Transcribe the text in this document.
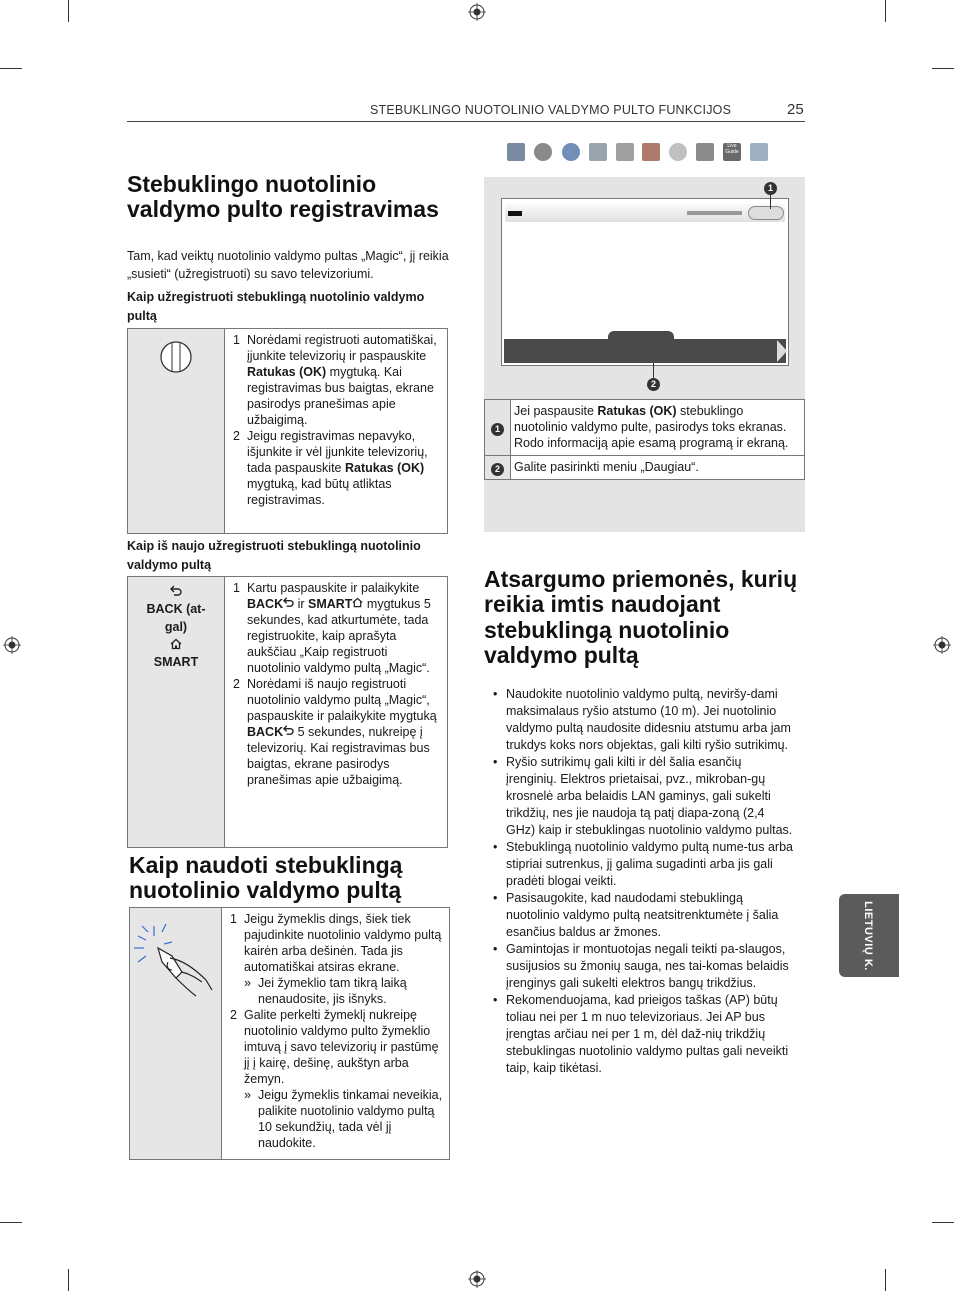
STEBUKLINGO NUOTOLINIO VALDYMO PULTO FUNKCIJOS	25
LIETUVIŲ K.
Stebuklingo nuotolinio valdymo pulto registravimas

Tam, kad veiktų nuotolinio valdymo pultas „Magic“, jį reikia „susieti“ (užregistruoti) su savo televizoriumi.

Kaip užregistruoti stebuklingą nuotolinio valdymo pultą

1 Norėdami registruoti automatiškai, įjunkite televizorių ir paspauskite Ratukas (OK) mygtuką. Kai registravimas bus baigtas, ekrane pasirodys pranešimas apie užbaigimą.
2 Jeigu registravimas nepavyko, išjunkite ir vėl įjunkite televizorių, tada paspauskite Ratukas (OK) mygtuką, kad būtų atliktas registravimas.

Kaip iš naujo užregistruoti stebuklingą nuotolinio valdymo pultą

BACK (at-gal)
SMART

1 Kartu paspauskite ir palaikykite BACK ir SMART mygtukus 5 sekundes, kad atkurtumėte, tada registruokite, kaip aprašyta aukščiau „Kaip registruoti nuotolinio valdymo pultą „Magic“.
2 Norėdami iš naujo registruoti nuotolinio valdymo pultą „Magic“, paspauskite ir palaikykite mygtuką BACK 5 sekundes, nukreipę į televizorių. Kai registravimas bus baigtas, ekrane pasirodys pranešimas apie užbaigimą.
Kaip naudoti stebuklingą nuotolinio valdymo pultą

1 Jeigu žymeklis dings, šiek tiek pajudinkite nuotolinio valdymo pultą kairėn arba dešinėn. Tada jis automatiškai atsiras ekrane.
» Jei žymeklio tam tikrą laiką nenaudosite, jis išnyks.
2 Galite perkelti žymeklį nukreipę nuotolinio valdymo pulto žymeklio imtuvą į savo televizorių ir pastūmę jį į kairę, dešinę, aukštyn arba žemyn.
» Jeigu žymeklis tinkamai neveikia, palikite nuotolinio valdymo pultą 10 sekundžių, tada vėl jį naudokite.
Live Guide
1
2
1	Jei paspausite Ratukas (OK) stebuklingo nuotolinio valdymo pulte, pasirodys toks ekranas.
Rodo informaciją apie esamą programą ir ekraną.
2	Galite pasirinkti meniu „Daugiau“.
Atsargumo priemonės, kurių reikia imtis naudojant stebuklingą nuotolinio valdymo pultą
• Naudokite nuotolinio valdymo pultą, neviršy-dami maksimalaus ryšio atstumo (10 m). Jei nuotolinio valdymo pultą naudosite didesniu atstumu arba jam trukdys koks nors objektas, gali kilti ryšio sutrikimų.
• Ryšio sutrikimų gali kilti ir dėl šalia esančių įrenginių. Elektros prietaisai, pvz., mikroban-gų krosnelė arba belaidis LAN gaminys, gali sukelti trikdžių, nes jie naudoja tą patį diapa-zoną (2,4 GHz) kaip ir stebuklingas nuotolinio valdymo pultas.
• Stebuklingą nuotolinio valdymo pultą nume-tus arba stipriai sutrenkus, jį galima sugadinti arba jis gali pradėti blogai veikti.
• Pasisaugokite, kad naudodami stebuklingą nuotolinio valdymo pultą neatsitrenktumėte į šalia esančius baldus ar žmones.
• Gamintojas ir montuotojas negali teikti pa-slaugos, susijusios su žmonių sauga, nes tai-komas belaidis įrenginys gali sukelti elektros bangų trikdžius.
• Rekomenduojama, kad prieigos taškas (AP) būtų toliau nei per 1 m nuo televizoriaus. Jei AP bus įrengtas arčiau nei per 1 m, dėl daž-nių trikdžių stebuklingas nuotolinio valdymo pultas gali neveikti taip, kaip tikėtasi.
